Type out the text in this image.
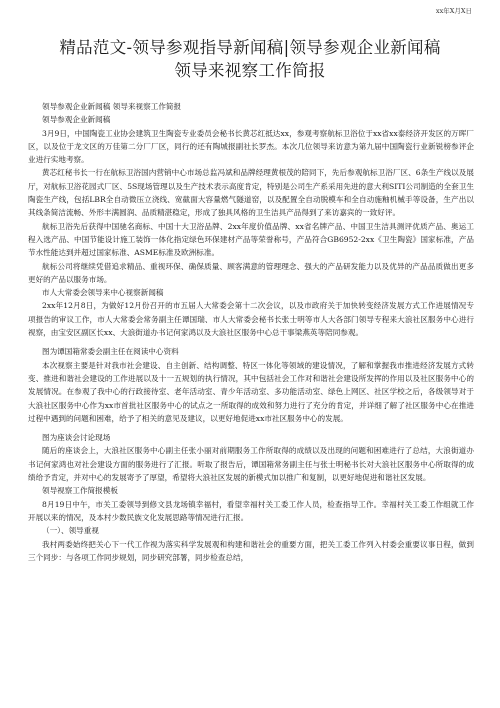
xx年X月X日
精品范文-领导参观指导新闻稿|领导参观企业新闻稿
领导来视察工作简报

领导参观企业新闻稿 领导来视察工作简报

领导参观企业新闻稿

3月9日，中国陶瓷工业协会建筑卫生陶瓷专业委员会秘书长黄芯红抵达xx，参观考察航标卫浴位于xx省xx泰经济开发区的万晖厂区，以及位于龙文区的万佳第二分厂厂区，同行的还有陶城报副社长罗杰。本次几位领导来访意为第九届中国陶瓷行业新锐榜参评企业进行实地考察。

黄芯红秘书长一行在航标卫浴国内营销中心市场总监冯斌和品牌经理黄根茂的陪同下，先后参观航标卫浴厂区、6条生产线以及展厅，对航标卫浴花园式厂区、5S现场管理以及生产技术表示高度肯定，特别是公司生产系采用先进的意大利SITI公司制造的全套卫生陶瓷生产线，包括LBR全自动微压立浇线、宽截面大容量燃气隧道窑，以及配置全自动脱模车和全自动施釉机械手等设备，生产出以其线条简洁流畅、外形丰满圆润、品质精湛稳定，形成了独具风格的卫生洁具产品得到了来访嘉宾的一致好评。

航标卫浴先后获得中国驰名商标、中国十大卫浴品牌、2xx年度价值品牌、xx省名牌产品、中国卫生洁具测评优质产品、奥运工程入选产品、中国节能设计施工装饰一体化指定绿色环保建材产品等荣誉称号，产品符合GB6952-2xx《卫生陶瓷》国家标准，产品节水性能达到并超过国家标准、ASME标准及欧洲标准。

航标公司将继续凭借追求精品、重视环保、确保质量、顾客满意的管理理念、强大的产品研发能力以及优异的产品品质做出更多更好的产品以服务市场。

市人大常委会领导来中心视察新闻稿

2xx年12月8日，为做好12月份召开的市五届人大常委会第十二次会议，以及市政府关于加快转变经济发展方式工作进展情况专项报告的审议工作，市人大常委会常务副主任谭国瑞、市人大常委会秘书长张士明等市人大各部门领导专程来大浪社区服务中心进行视察，由宝安区副区长xx、大浪街道办书记何家鸿以及大浪社区服务中心总干事梁燕英等陪同参观。

图为谭国箱常委会副主任在阅读中心资料

本次视察主要是针对我市社会建设、自主创新、结构调整、特区一体化等领域的建设情况，了解和掌握我市推进经济发展方式转变、推进和谐社会建设的工作进展以及十一五规划的执行情况，其中包括社会工作对和谐社会建设所发挥的作用以及社区服务中心的发展情况。在参观了我中心的行政接待室、老年活动室、青少年活动室、多功能活动室、绿色上网区、社区学校之后，各级领导对于大浪社区服务中心作为xx市首批社区服务中心的试点之一所取得的成效和努力进行了充分的肯定，并详细了解了社区服务中心在推进过程中遇到的问题和困难，给予了相关的意见及建议，以更好地促进xx市社区服务中心的发展。

图为座谈会讨论现场

随后的座谈会上，大浪社区服务中心副主任张小丽对前期服务工作所取得的成绩以及出现的问题和困难进行了总结，大浪街道办书记何家鸿也对社会建设方面的服务进行了汇报。听取了报告后，谭国箱常务副主任与张士明秘书长对大浪社区服务中心所取得的成绩给予肯定，并对中心的发展寄予了厚望，希望将大浪社区发展的新模式加以推广和复制，以更好地促进和谐社区发展。

领导视察工作简报模板

8月19日中午，市关工委领导到修文县龙场镇幸福村，看望幸福村关工委工作人员，检查指导工作。幸福村关工委工作组就工作开展以来的情况，及本村少数民族文化发展思路等情况进行汇报。

（一）、领导重视

我村两委始终把关心下一代工作视为落实科学发展观和构建和谐社会的重要方面，把关工委工作列入村委会重要议事日程，做到三个同步：与各项工作同步规划，同步研究部署，同步检查总结，
